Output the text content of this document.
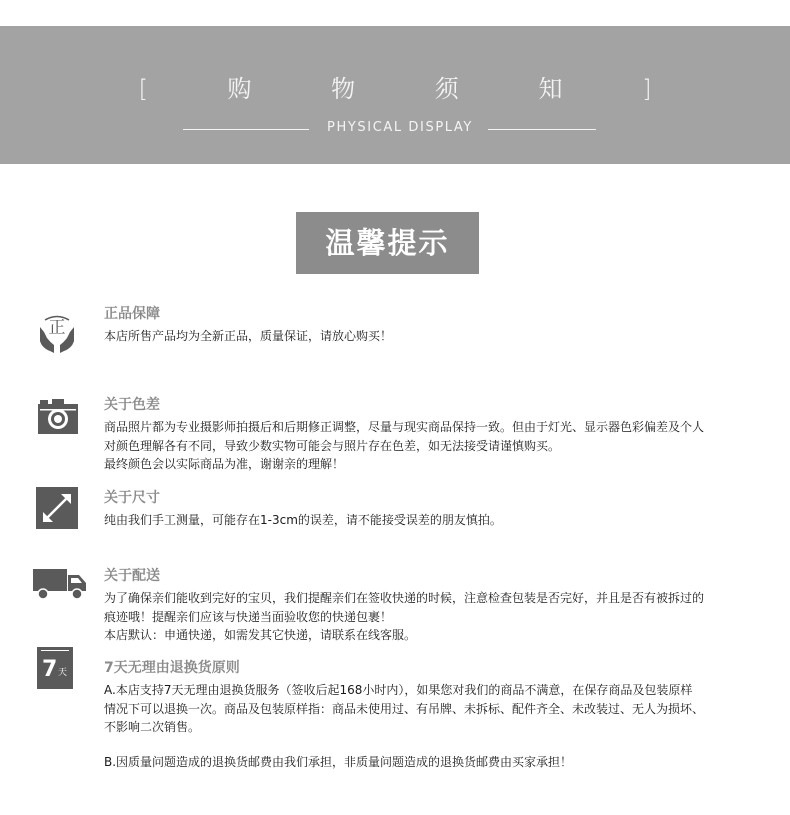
[ 购 物 须 知 ]
PHYSICAL DISPLAY
温馨提示
正
正品保障

本店所售产品均为全新正品，质量保证，请放心购买！

关于色差

商品照片都为专业摄影师拍摄后和后期修正调整，尽量与现实商品保持一致。但由于灯光、显示器色彩偏差及个人

对颜色理解各有不同，导致少数实物可能会与照片存在色差，如无法接受请谨慎购买。

最终颜色会以实际商品为准，谢谢亲的理解！

关于尺寸

纯由我们手工测量，可能存在1-3cm的误差，请不能接受误差的朋友慎拍。

关于配送

为了确保亲们能收到完好的宝贝，我们提醒亲们在签收快递的时候，注意检查包装是否完好，并且是否有被拆过的

痕迹哦！提醒亲们应该与快递当面验收您的快递包裹！

本店默认：申通快递，如需发其它快递，请联系在线客服。

7 天	7天无理由退换货原则

A.本店支持7天无理由退换货服务（签收后起168小时内），如果您对我们的商品不满意，在保存商品及包装原样

情况下可以退换一次。商品及包装原样指：商品未使用过、有吊牌、未拆标、配件齐全、未改装过、无人为损坏、

不影响二次销售。

B.因质量问题造成的退换货邮费由我们承担，非质量问题造成的退换货邮费由买家承担！
